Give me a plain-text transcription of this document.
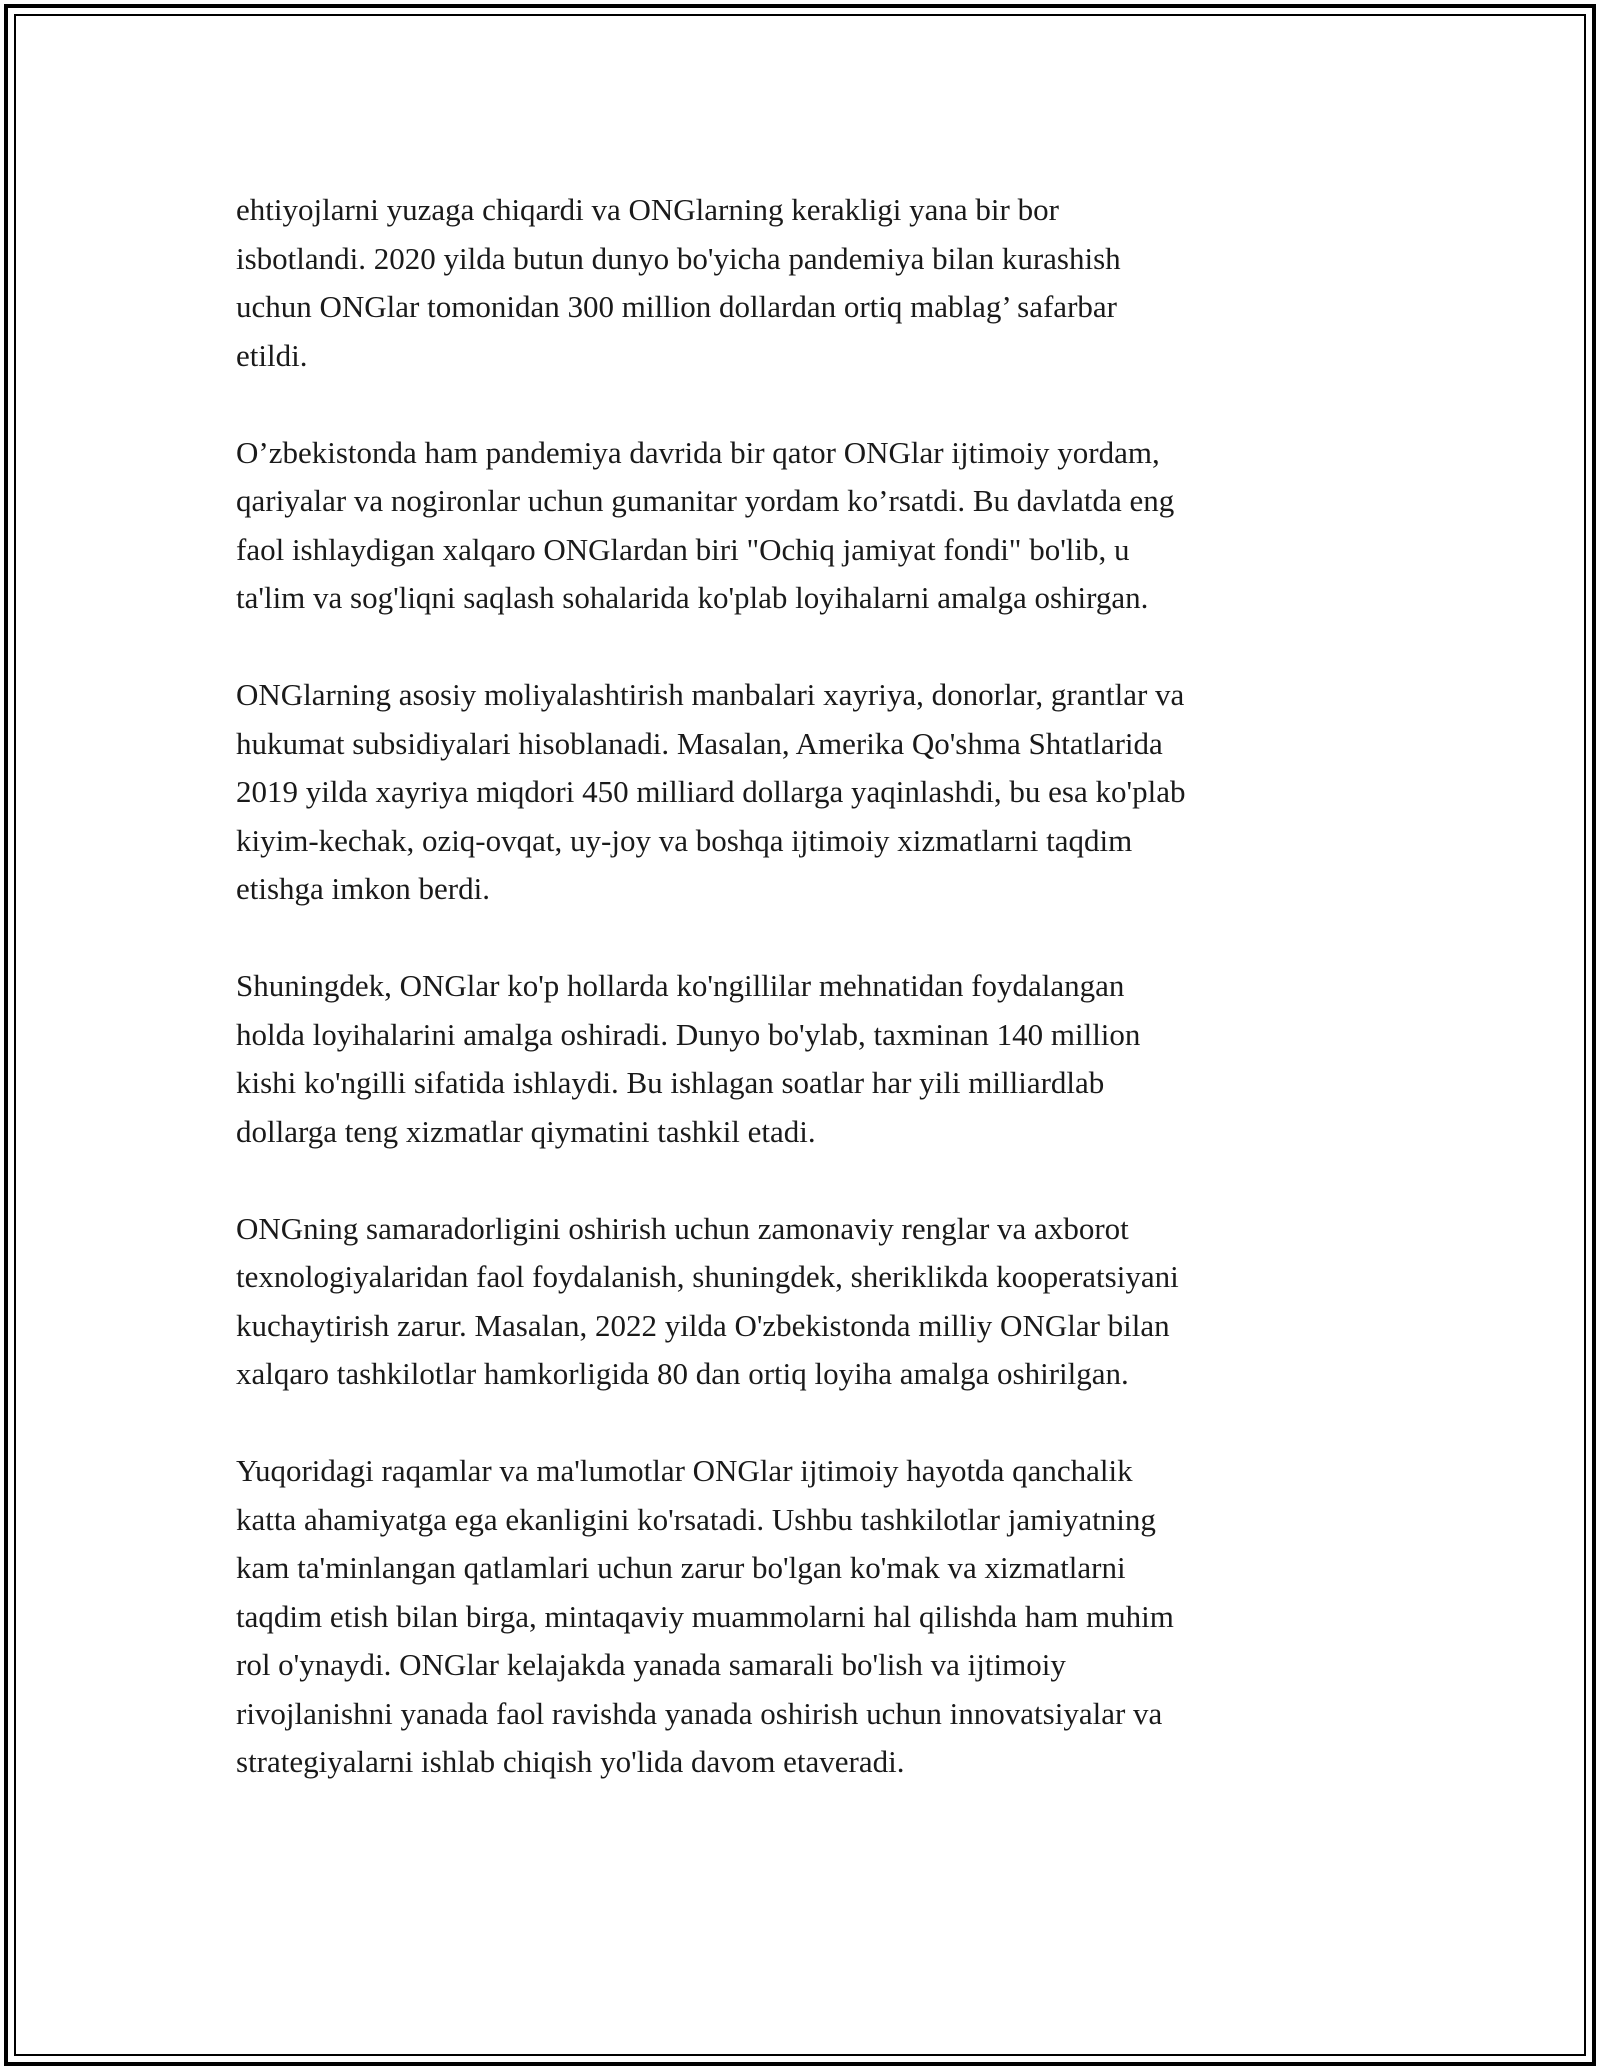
ehtiyojlarni yuzaga chiqardi va ONGlarning kerakligi yana bir bor
isbotlandi. 2020 yilda butun dunyo bo'yicha pandemiya bilan kurashish
uchun ONGlar tomonidan 300 million dollardan ortiq mablag’ safarbar
etildi.

O’zbekistonda ham pandemiya davrida bir qator ONGlar ijtimoiy yordam,
qariyalar va nogironlar uchun gumanitar yordam ko’rsatdi. Bu davlatda eng
faol ishlaydigan xalqaro ONGlardan biri "Ochiq jamiyat fondi" bo'lib, u
ta'lim va sog'liqni saqlash sohalarida ko'plab loyihalarni amalga oshirgan.

ONGlarning asosiy moliyalashtirish manbalari xayriya, donorlar, grantlar va
hukumat subsidiyalari hisoblanadi. Masalan, Amerika Qo'shma Shtatlarida
2019 yilda xayriya miqdori 450 milliard dollarga yaqinlashdi, bu esa ko'plab
kiyim-kechak, oziq-ovqat, uy-joy va boshqa ijtimoiy xizmatlarni taqdim
etishga imkon berdi.

Shuningdek, ONGlar ko'p hollarda ko'ngillilar mehnatidan foydalangan
holda loyihalarini amalga oshiradi. Dunyo bo'ylab, taxminan 140 million
kishi ko'ngilli sifatida ishlaydi. Bu ishlagan soatlar har yili milliardlab
dollarga teng xizmatlar qiymatini tashkil etadi.

ONGning samaradorligini oshirish uchun zamonaviy renglar va axborot
texnologiyalaridan faol foydalanish, shuningdek, sheriklikda kooperatsiyani
kuchaytirish zarur. Masalan, 2022 yilda O'zbekistonda milliy ONGlar bilan
xalqaro tashkilotlar hamkorligida 80 dan ortiq loyiha amalga oshirilgan.

Yuqoridagi raqamlar va ma'lumotlar ONGlar ijtimoiy hayotda qanchalik
katta ahamiyatga ega ekanligini ko'rsatadi. Ushbu tashkilotlar jamiyatning
kam ta'minlangan qatlamlari uchun zarur bo'lgan ko'mak va xizmatlarni
taqdim etish bilan birga, mintaqaviy muammolarni hal qilishda ham muhim
rol o'ynaydi. ONGlar kelajakda yanada samarali bo'lish va ijtimoiy
rivojlanishni yanada faol ravishda yanada oshirish uchun innovatsiyalar va
strategiyalarni ishlab chiqish yo'lida davom etaveradi.
